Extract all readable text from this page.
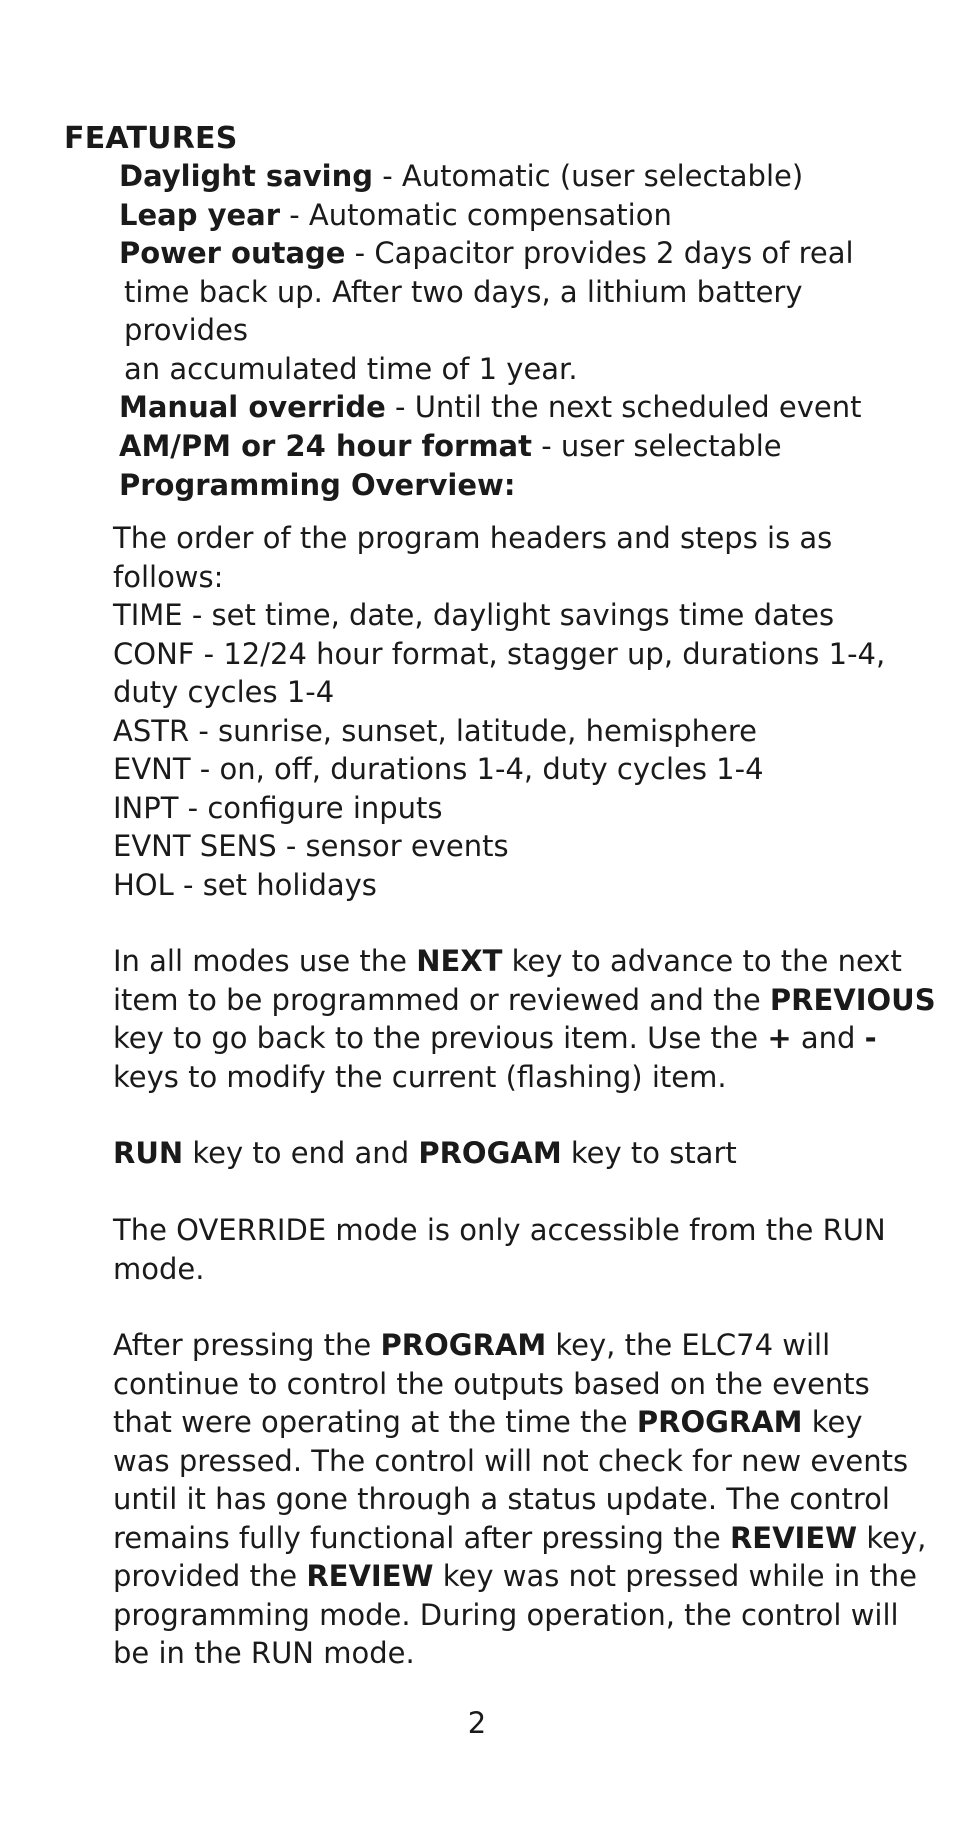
FEATURES
Daylight saving - Automatic (user selectable)
Leap year - Automatic compensation
Power outage - Capacitor provides 2 days of real
time back up. After two days, a lithium battery provides
an accumulated time of 1 year.
Manual override - Until the next scheduled event
AM/PM or 24 hour format - user selectable
Programming Overview:
The order of the program headers and steps is as
follows:
TIME - set time, date, daylight savings time dates
CONF - 12/24 hour format, stagger up, durations 1-4,
duty cycles 1-4
ASTR - sunrise, sunset, latitude, hemisphere
EVNT - on, off, durations 1-4, duty cycles 1-4
INPT - configure inputs
EVNT SENS - sensor events
HOL - set holidays
In all modes use the NEXT key to advance to the next
item to be programmed or reviewed and the PREVIOUS
key to go back to the previous item. Use the + and -
keys to modify the current (flashing) item.
RUN key to end and PROGAM key to start
The OVERRIDE mode is only accessible from the RUN
mode.
After pressing the PROGRAM key, the ELC74 will
continue to control the outputs based on the events
that were operating at the time the PROGRAM key
was pressed. The control will not check for new events
until it has gone through a status update. The control
remains fully functional after pressing the REVIEW key,
provided the REVIEW key was not pressed while in the
programming mode. During operation, the control will
be in the RUN mode.
2
